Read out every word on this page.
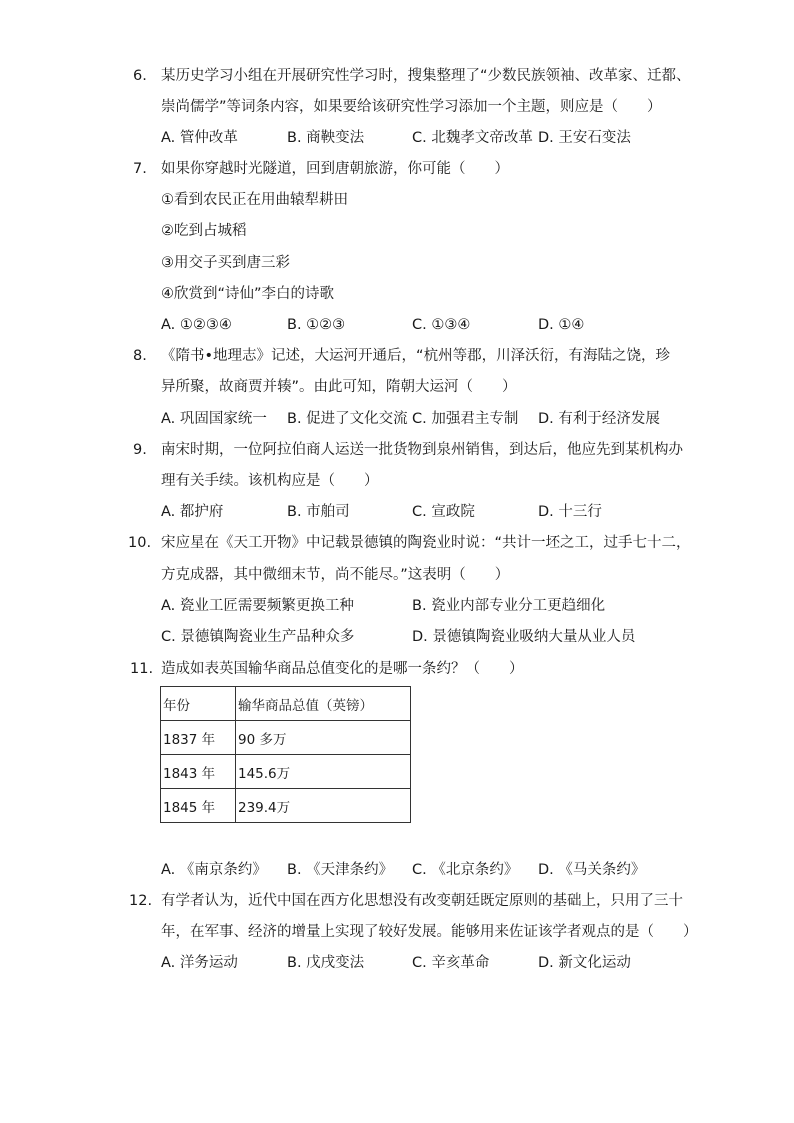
6. 某历史学习小组在开展研究性学习时，搜集整理了“少数民族领袖、改革家、迁都、
崇尚儒学”等词条内容，如果要给该研究性学习添加一个主题，则应是（　　）
A. 管仲改革	B. 商鞅变法	C. 北魏孝文帝改革 D. 王安石变法
7. 如果你穿越时光隧道，回到唐朝旅游，你可能（　　）
①看到农民正在用曲辕犁耕田
②吃到占城稻
③用交子买到唐三彩
④欣赏到“诗仙”李白的诗歌
A. ①②③④	B. ①②③	C. ①③④	D. ①④
8. 《隋书•地理志》记述，大运河开通后，“杭州等郡，川泽沃衍，有海陆之饶，珍
异所聚，故商贾并辏”。由此可知，隋朝大运河（　　）
A. 巩固国家统一 B. 促进了文化交流 C. 加强君主专制 D. 有利于经济发展
9. 南宋时期，一位阿拉伯商人运送一批货物到泉州销售，到达后，他应先到某机构办
理有关手续。该机构应是（　　）
A. 都护府	B. 市舶司	C. 宣政院	D. 十三行
10. 宋应星在《天工开物》中记载景德镇的陶瓷业时说：“共计一坯之工，过手七十二，
方克成器，其中微细末节，尚不能尽。”这表明（　　）
A. 瓷业工匠需要频繁更换工种	B. 瓷业内部专业分工更趋细化
C. 景德镇陶瓷业生产品种众多	D. 景德镇陶瓷业吸纳大量从业人员
11. 造成如表英国输华商品总值变化的是哪一条约？（　　）
年份	输华商品总值（英镑）
1837 年	90 多万
1843 年	145.6万
1845 年	239.4万
A. 《南京条约》 B. 《天津条约》 C. 《北京条约》 D. 《马关条约》
12. 有学者认为，近代中国在西方化思想没有改变朝廷既定原则的基础上，只用了三十
年，在军事、经济的增量上实现了较好发展。能够用来佐证该学者观点的是（　　）
A. 洋务运动	B. 戊戌变法	C. 辛亥革命	D. 新文化运动
